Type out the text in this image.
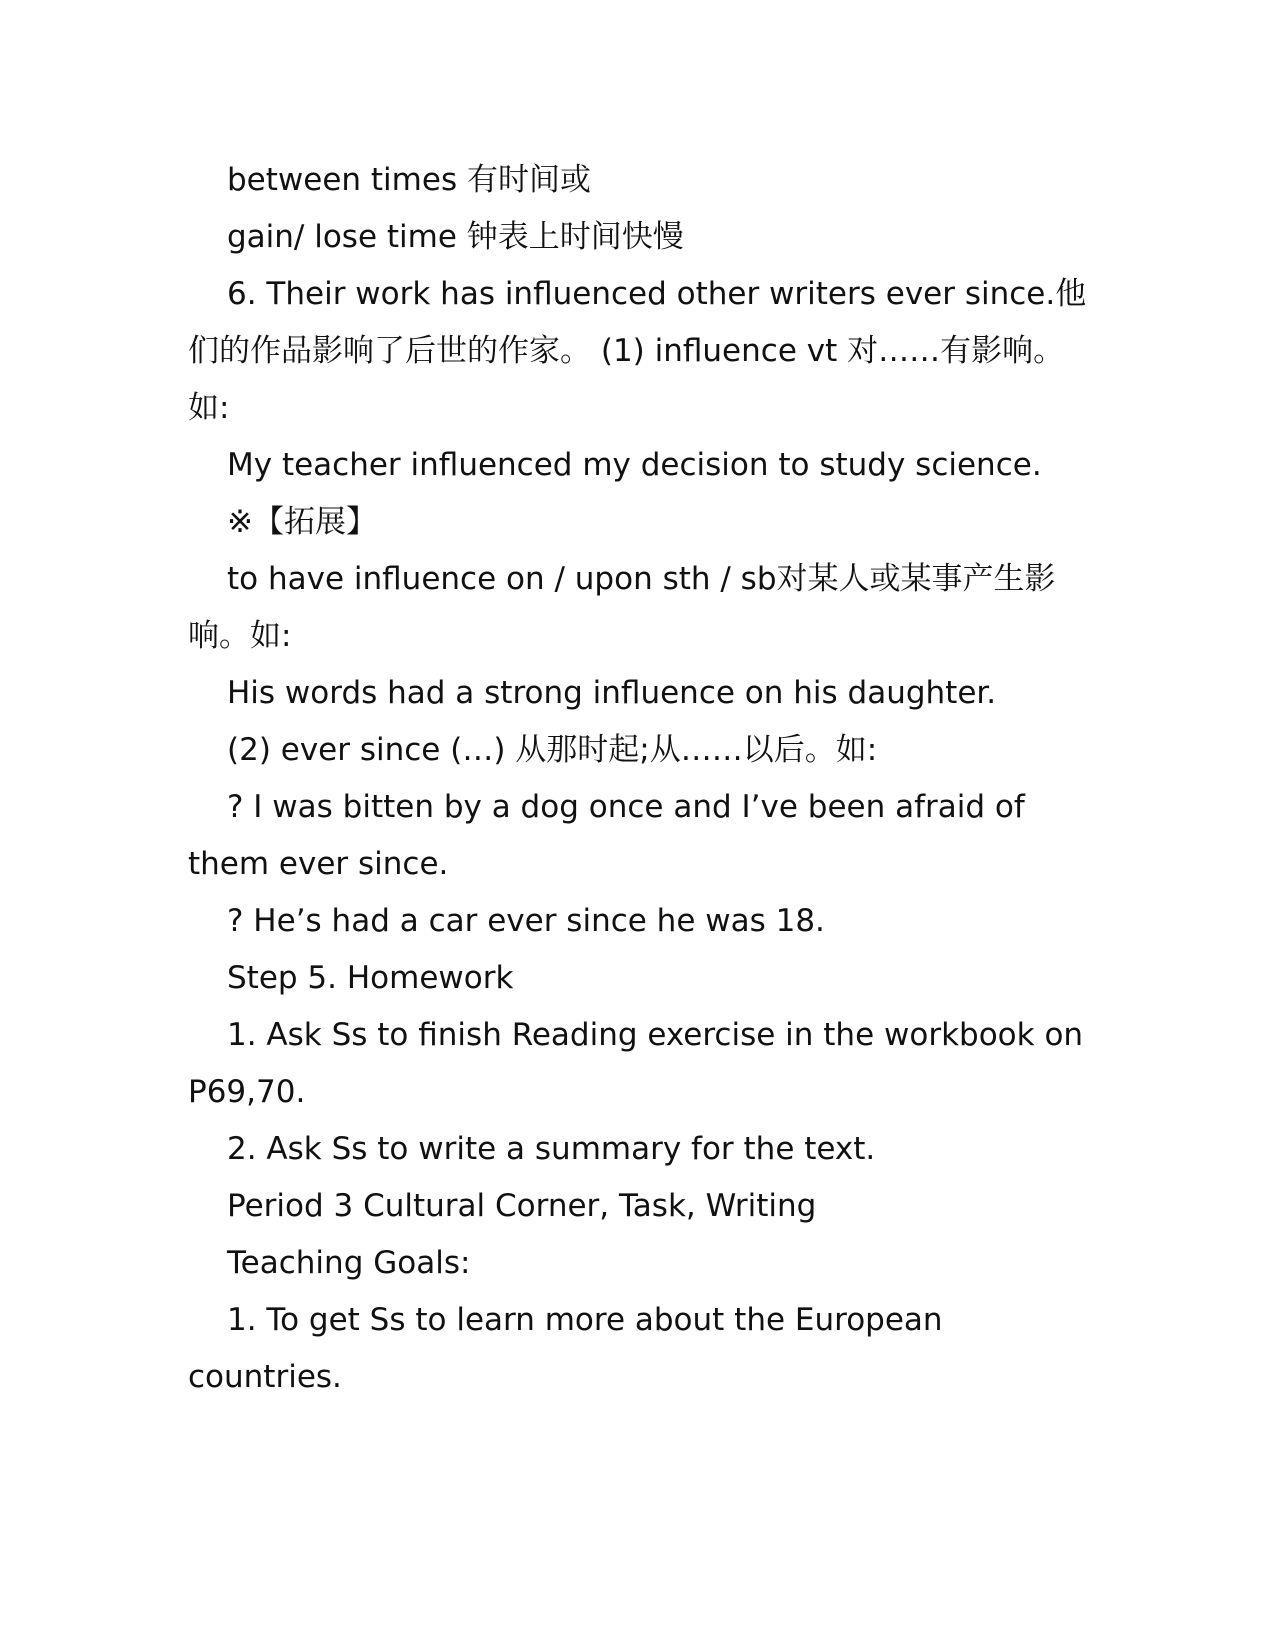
between times 有时间或

gain/ lose time 钟表上时间快慢

6. Their work has influenced other writers ever since.他们的作品影响了后世的作家。 (1) influence vt 对……有影响。如:

My teacher influenced my decision to study science.

※【拓展】

to have influence on / upon sth / sb对某人或某事产生影响。如:

His words had a strong influence on his daughter.

(2) ever since (…) 从那时起;从……以后。如:

? I was bitten by a dog once and I’ve been afraid of them ever since.

? He’s had a car ever since he was 18.

Step 5. Homework

1. Ask Ss to finish Reading exercise in the workbook on P69,70.

2. Ask Ss to write a summary for the text.

Period 3 Cultural Corner, Task, Writing

Teaching Goals:

1. To get Ss to learn more about the European countries.
